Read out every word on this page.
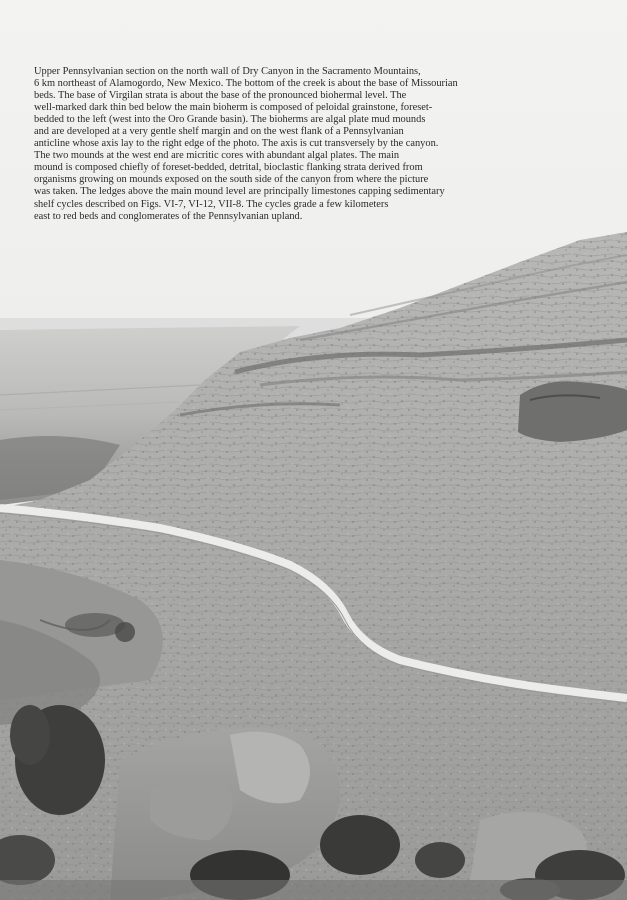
Upper Pennsylvanian section on the north wall of Dry Canyon in the Sacramento Mountains,
6 km northeast of Alamogordo, New Mexico. The bottom of the creek is about the base of Missourian
beds. The base of Virgilan strata is about the base of the pronounced biohermal level. The
well-marked dark thin bed below the main bioherm is composed of peloidal grainstone, foreset-
bedded to the left (west into the Oro Grande basin). The bioherms are algal plate mud mounds
and are developed at a very gentle shelf margin and on the west flank of a Pennsylvanian
anticline whose axis lay to the right edge of the photo. The axis is cut transversely by the canyon.
The two mounds at the west end are micritic cores with abundant algal plates. The main
mound is composed chiefly of foreset-bedded, detrital, bioclastic flanking strata derived from
organisms growing on mounds exposed on the south side of the canyon from where the picture
was taken. The ledges above the main mound level are principally limestones capping sedimentary
shelf cycles described on Figs. VI-7, VI-12, VII-8. The cycles grade a few kilometers
east to red beds and conglomerates of the Pennsylvanian upland.
